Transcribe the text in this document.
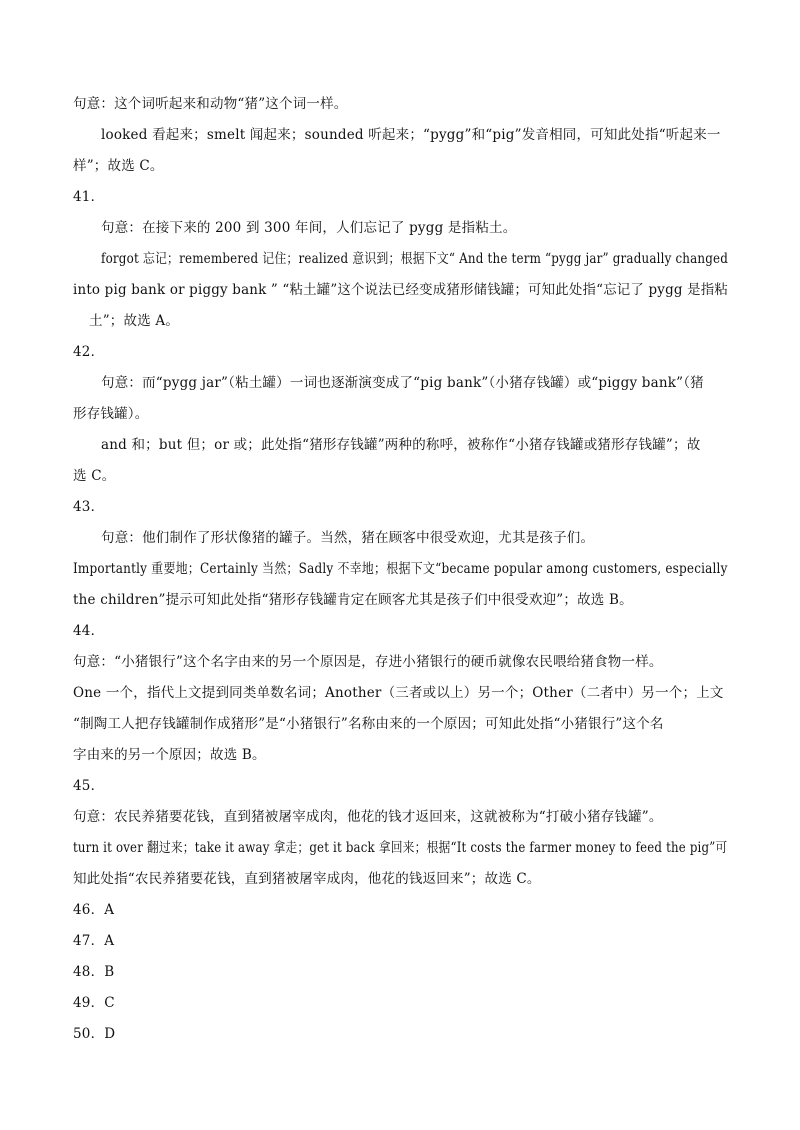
句意：这个词听起来和动物“猪”这个词一样。
looked 看起来；smelt 闻起来；sounded 听起来；“pygg”和“pig”发音相同，可知此处指“听起来一
样”；故选 C。
41．
句意：在接下来的 200 到 300 年间，人们忘记了 pygg 是指粘土。
forgot 忘记；remembered 记住；realized 意识到；根据下文“ And the term “pygg jar” gradually changed
into pig bank or piggy bank ” “粘土罐”这个说法已经变成猪形储钱罐；可知此处指“忘记了 pygg 是指粘
土”；故选 A。
42．
句意：而“pygg jar”（粘土罐）一词也逐渐演变成了“pig bank”（小猪存钱罐）或“piggy bank”（猪
形存钱罐）。
and 和；but 但；or 或；此处指“猪形存钱罐”两种的称呼，被称作“小猪存钱罐或猪形存钱罐”；故
选 C。
43．
句意：他们制作了形状像猪的罐子。当然，猪在顾客中很受欢迎，尤其是孩子们。
Importantly 重要地；Certainly 当然；Sadly 不幸地；根据下文“became popular among customers, especially
the children”提示可知此处指“猪形存钱罐肯定在顾客尤其是孩子们中很受欢迎”；故选 B。
44．
句意：“小猪银行”这个名字由来的另一个原因是，存进小猪银行的硬币就像农民喂给猪食物一样。
One 一个，指代上文提到同类单数名词；Another（三者或以上）另一个；Other（二者中）另一个；上文
“制陶工人把存钱罐制作成猪形”是“小猪银行”名称由来的一个原因；可知此处指“小猪银行”这个名
字由来的另一个原因；故选 B。
45．
句意：农民养猪要花钱，直到猪被屠宰成肉，他花的钱才返回来，这就被称为“打破小猪存钱罐”。
turn it over 翻过来；take it away 拿走；get it back 拿回来；根据“It costs the farmer money to feed the pig”可
知此处指“农民养猪要花钱，直到猪被屠宰成肉，他花的钱返回来”；故选 C。
46．A
47．A
48．B
49．C
50．D
